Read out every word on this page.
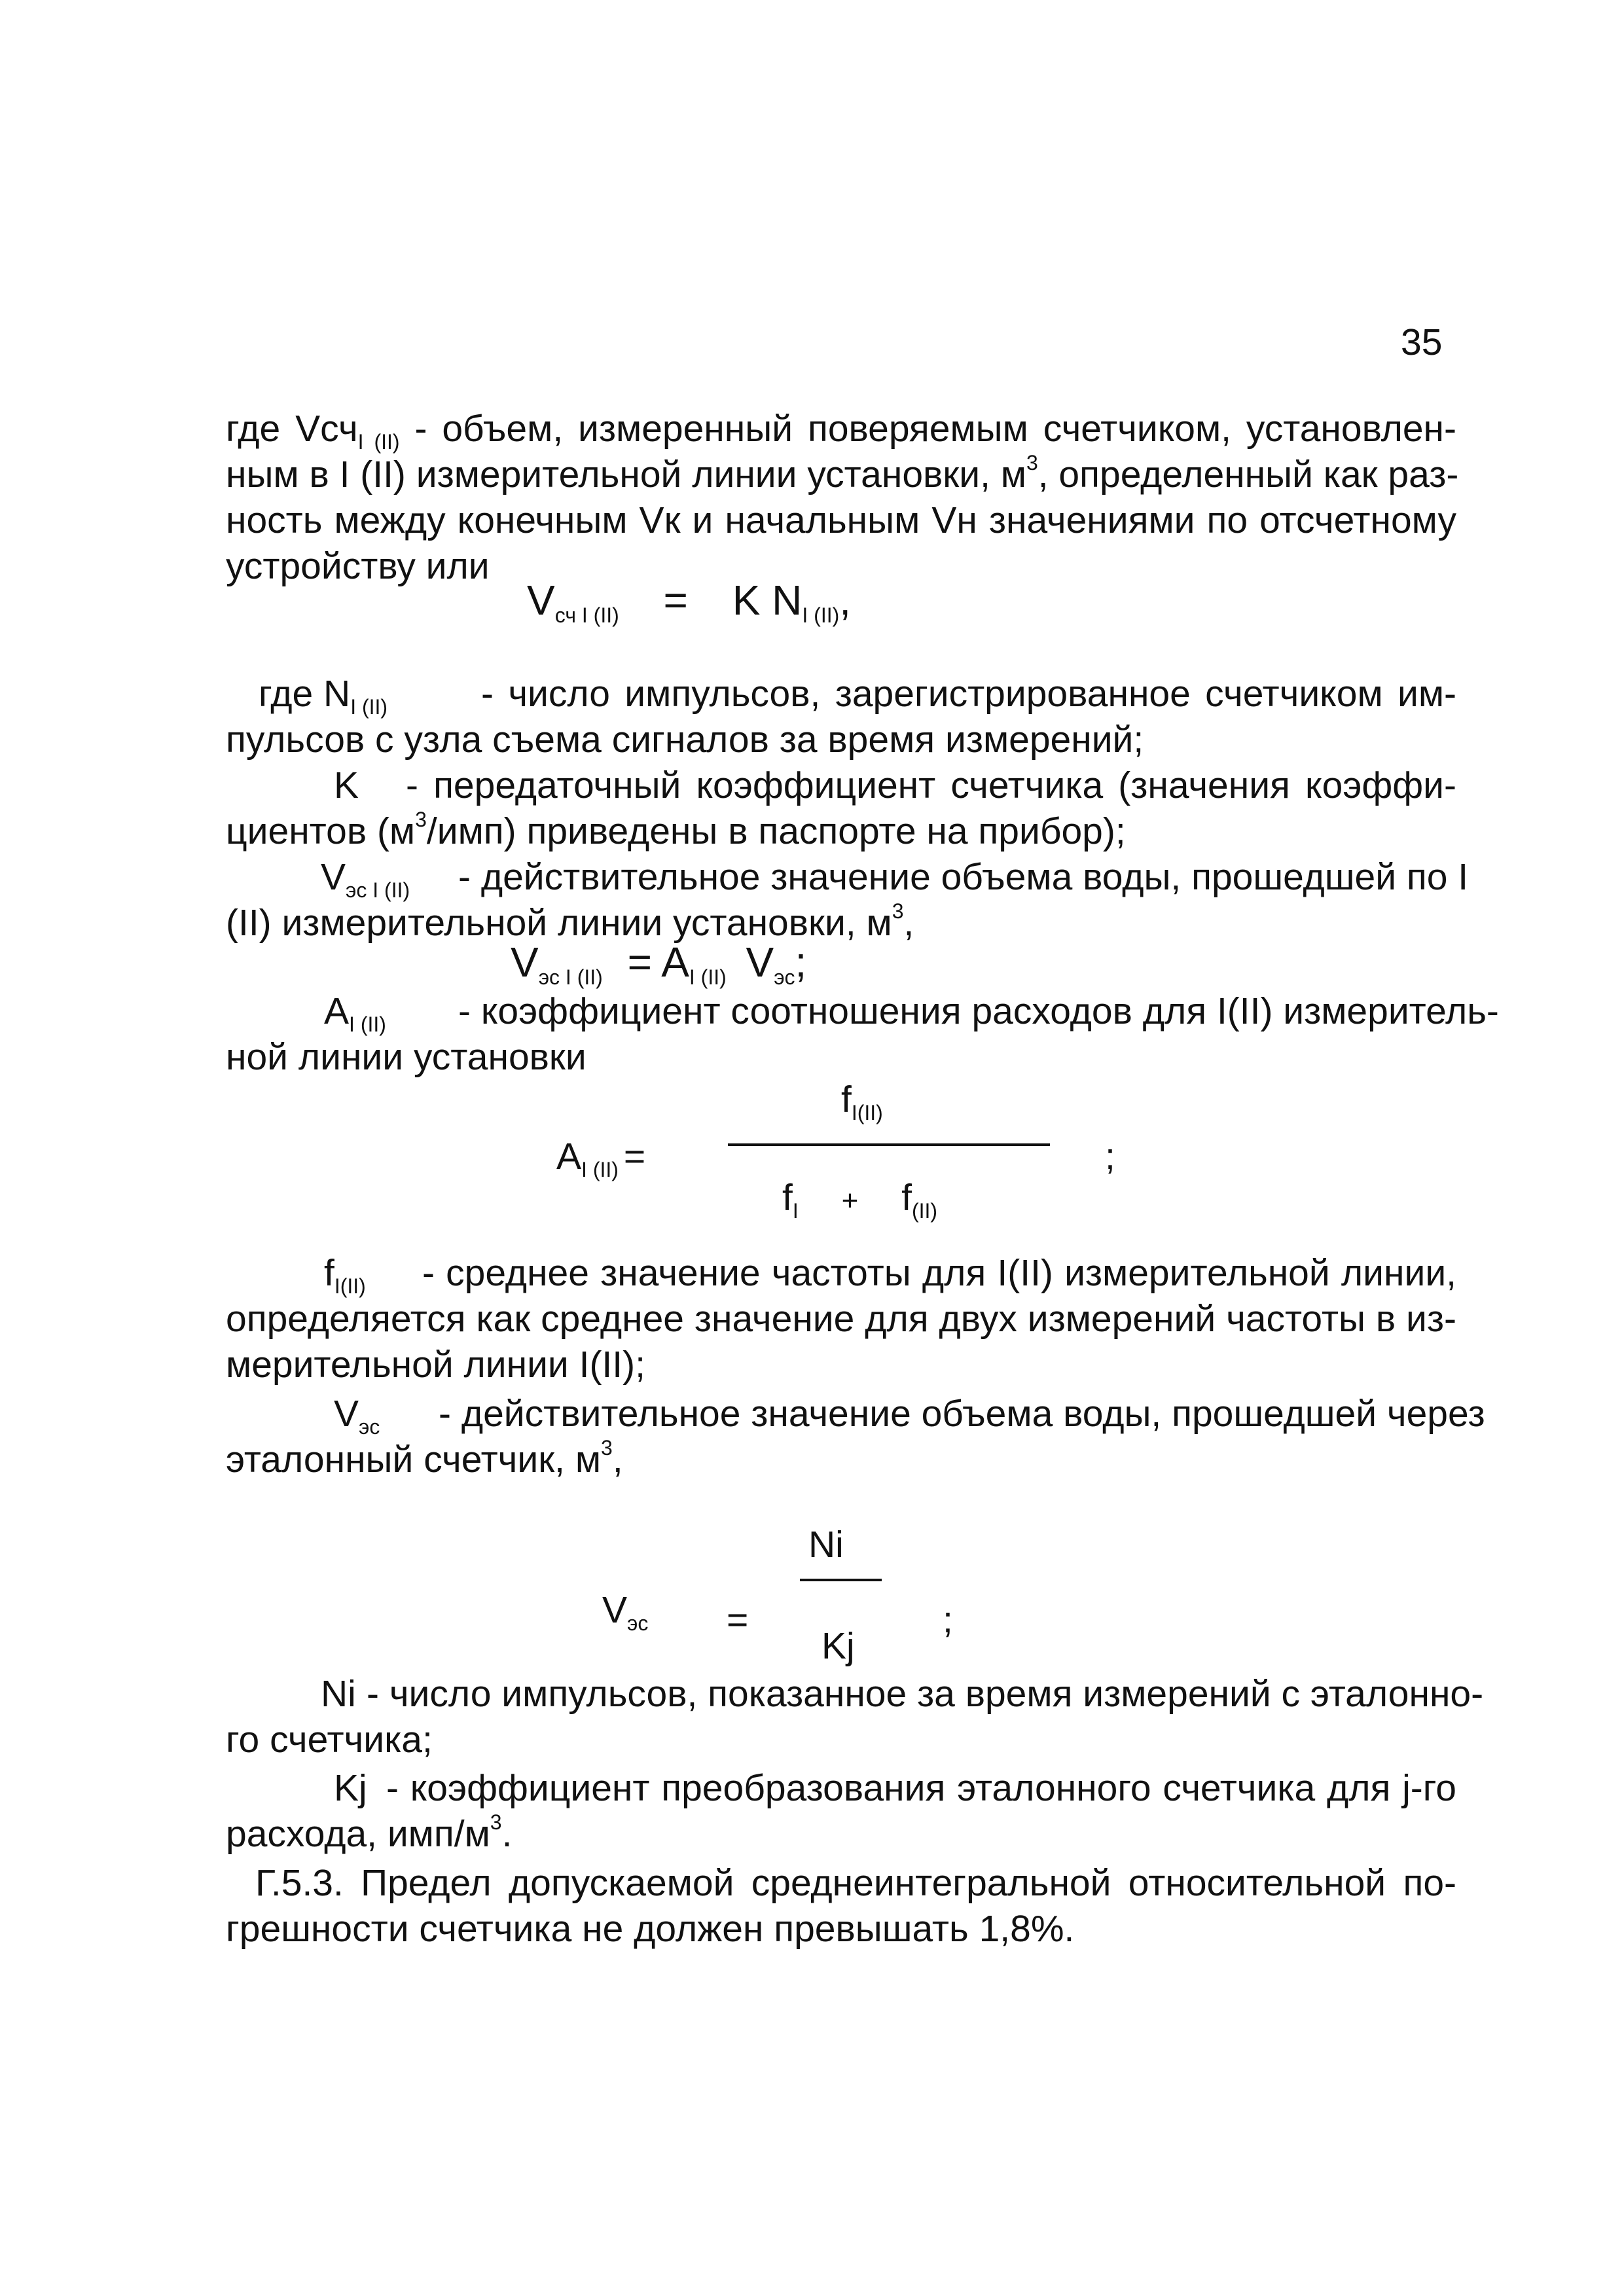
35
где Vсч$_{I (II)}$ - объем, измеренный поверяемым счетчиком, установлен-
ным в I (II) измерительной линии установки, $м^3$, определенный как раз-
ность между конечным Vк и начальным Vн значениями по отсчетному
устройству или
$V_{сч I (II)} = K$ $N_{I (II)}$,
где $N_{I (II)}$	- число импульсов, зарегистрированное счетчиком им-
пульсов с узла съема сигналов за время измерений;
K - передаточный коэффициент счетчика (значения коэффи-
циентов $(м^3/имп)$ приведены в паспорте на прибор);
$V_{эс I (II)}$ - действительное значение объема воды, прошедшей по I
(II) измерительной линии установки, $м^3$,
$V_{эс I (II)} = A_{I (II)}$ $V_{эс}$;
$A_{I (II)}$ - коэффициент соотношения расходов для I(II) измеритель-
ной линии установки
$A_{I (II)}$ =
$f_{I(II)}$
$f_I + f_{(II)}$
;
$f_{I(II)}$ - среднее значение частоты для I(II) измерительной линии,
определяется как среднее значение для двух измерений частоты в из-
мерительной линии I(II);
$V_{эс}$ - действительное значение объема воды, прошедшей через
эталонный счетчик, $м^3$,
$V_{эс}$ =
Ni
Kj
;
Ni - число импульсов, показанное за время измерений с эталонно-
го счетчика;
Kj - коэффициент преобразования эталонного счетчика для j-го
расхода, имп/$м^3$.
Г.5.3. Предел допускаемой среднеинтегральной относительной по-
грешности счетчика не должен превышать 1,8%.
